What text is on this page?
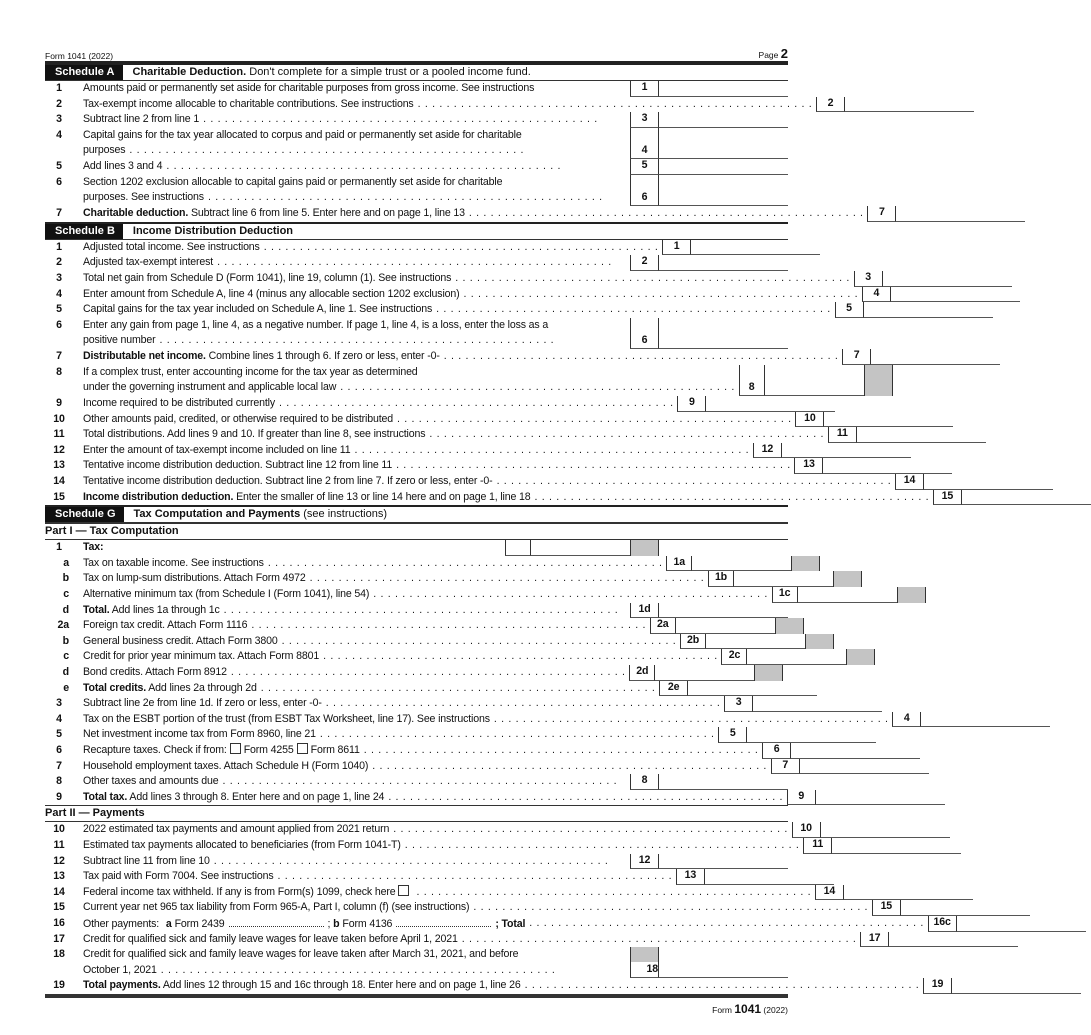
Form 1041 (2022)	Page 2
Schedule A	Charitable Deduction. Don't complete for a simple trust or a pooled income fund.
1	Amounts paid or permanently set aside for charitable purposes from gross income. See instructions	1
2	Tax-exempt income allocable to charitable contributions. See instructions ....................................................... 2
3	Subtract line 2 from line 1 .......................................................	3
4	Capital gains for the tax year allocated to corpus and paid or permanently set aside for charitable
purposes .......................................................	4
5	Add lines 3 and 4 .......................................................	5
6	Section 1202 exclusion allocable to capital gains paid or permanently set aside for charitable
purposes. See instructions .......................................................	6
7	Charitable deduction. Subtract line 6 from line 5. Enter here and on page 1, line 13 ....................................................... 7
Schedule B	Income Distribution Deduction
1	Adjusted total income. See instructions ....................................................... 1
2	Adjusted tax-exempt interest .......................................................	2
3	Total net gain from Schedule D (Form 1041), line 19, column (1). See instructions ....................................................... 3
4	Enter amount from Schedule A, line 4 (minus any allocable section 1202 exclusion) ....................................................... 4
5	Capital gains for the tax year included on Schedule A, line 1. See instructions ....................................................... 5
6	Enter any gain from page 1, line 4, as a negative number. If page 1, line 4, is a loss, enter the loss as a
positive number .......................................................	6
7	Distributable net income. Combine lines 1 through 6. If zero or less, enter -0- ....................................................... 7
8	If a complex trust, enter accounting income for the tax year as determined
under the governing instrument and applicable local law ....................................................... 8
9	Income required to be distributed currently ....................................................... 9
10	Other amounts paid, credited, or otherwise required to be distributed ....................................................... 10
11	Total distributions. Add lines 9 and 10. If greater than line 8, see instructions ....................................................... 11
12	Enter the amount of tax-exempt income included on line 11 ....................................................... 12
13	Tentative income distribution deduction. Subtract line 12 from line 11 ....................................................... 13
14	Tentative income distribution deduction. Subtract line 2 from line 7. If zero or less, enter -0- ....................................................... 14
15	Income distribution deduction. Enter the smaller of line 13 or line 14 here and on page 1, line 18 ....................................................... 15
Schedule G	Tax Computation and Payments (see instructions)
Part I — Tax Computation
1	Tax:
a	Tax on taxable income. See instructions ....................................................... 1a
b	Tax on lump-sum distributions. Attach Form 4972 ....................................................... 1b
c	Alternative minimum tax (from Schedule I (Form 1041), line 54) ....................................................... 1c
d	Total. Add lines 1a through 1c .......................................................	1d
2a	Foreign tax credit. Attach Form 1116 ....................................................... 2a
b	General business credit. Attach Form 3800 ....................................................... 2b
c	Credit for prior year minimum tax. Attach Form 8801 ....................................................... 2c
d	Bond credits. Attach Form 8912 ....................................................... 2d
e	Total credits. Add lines 2a through 2d ....................................................... 2e
3	Subtract line 2e from line 1d. If zero or less, enter -0- ....................................................... 3
4	Tax on the ESBT portion of the trust (from ESBT Tax Worksheet, line 17). See instructions ....................................................... 4
5	Net investment income tax from Form 8960, line 21 ....................................................... 5
6	Recapture taxes. Check if from: Form 4255 Form 8611 ....................................................... 6
7	Household employment taxes. Attach Schedule H (Form 1040) ....................................................... 7
8	Other taxes and amounts due .......................................................	8
9	Total tax. Add lines 3 through 8. Enter here and on page 1, line 24 ....................................................... 9
Part II — Payments
10	2022 estimated tax payments and amount applied from 2021 return ....................................................... 10
11	Estimated tax payments allocated to beneficiaries (from Form 1041-T) ....................................................... 11
12	Subtract line 11 from line 10 .......................................................	12
13	Tax paid with Form 7004. See instructions ....................................................... 13
14	Federal income tax withheld. If any is from Form(s) 1099, check here	....................................................... 14
15	Current year net 965 tax liability from Form 965-A, Part I, column (f) (see instructions) ....................................................... 15
16	Other payments: a Form 2439	; b Form 4136	; Total ....................................................... 16c
17	Credit for qualified sick and family leave wages for leave taken before April 1, 2021 ....................................................... 17
18	Credit for qualified sick and family leave wages for leave taken after March 31, 2021, and before
October 1, 2021 .......................................................	18
19	Total payments. Add lines 12 through 15 and 16c through 18. Enter here and on page 1, line 26 ....................................................... 19
Form 1041 (2022)
